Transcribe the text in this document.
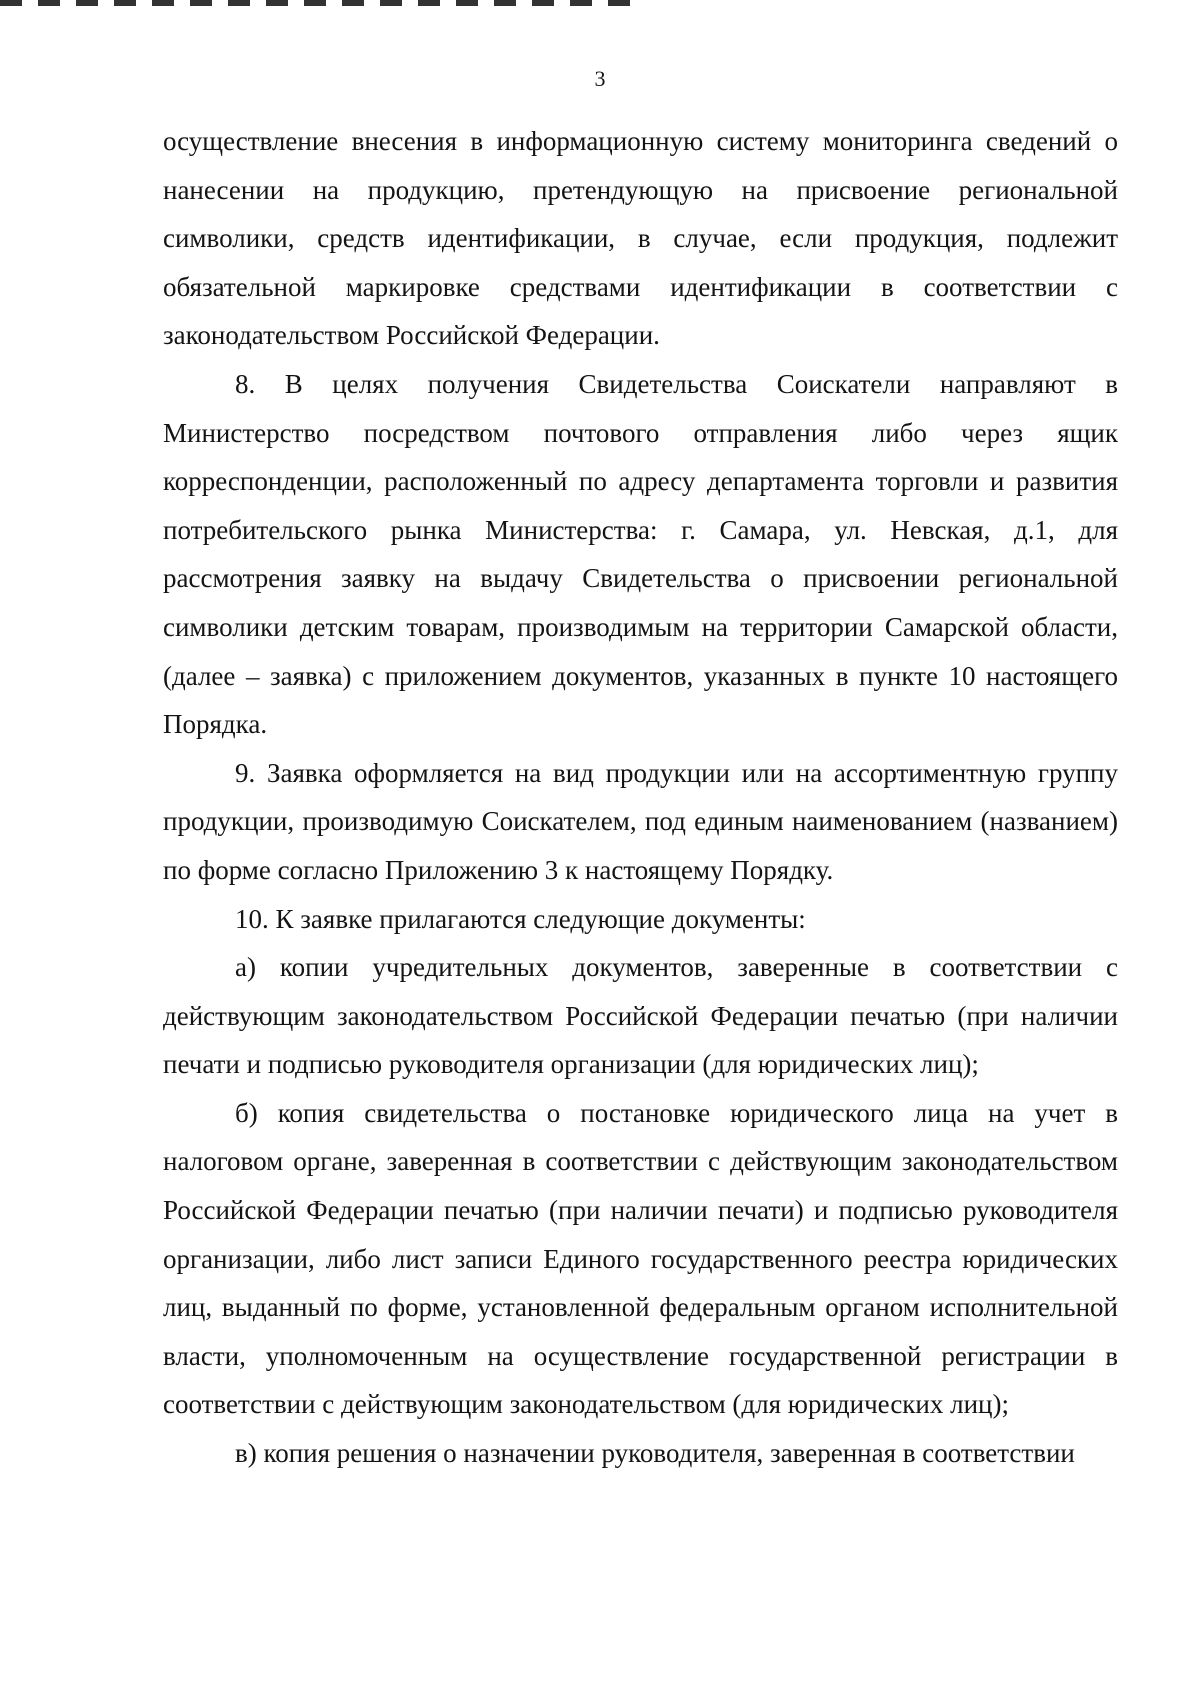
3

осуществление внесения в информационную систему мониторинга сведений о нанесении на продукцию, претендующую на присвоение региональной символики, средств идентификации, в случае, если продукция, подлежит обязательной маркировке средствами идентификации в соответствии с законодательством Российской Федерации.

8. В целях получения Свидетельства Соискатели направляют в Министерство посредством почтового отправления либо через ящик корреспонденции, расположенный по адресу департамента торговли и развития потребительского рынка Министерства: г. Самара, ул. Невская, д.1, для рассмотрения заявку на выдачу Свидетельства о присвоении региональной символики детским товарам, производимым на территории Самарской области, (далее – заявка) с приложением документов, указанных в пункте 10 настоящего Порядка.

9. Заявка оформляется на вид продукции или на ассортиментную группу продукции, производимую Соискателем, под единым наименованием (названием) по форме согласно Приложению 3 к настоящему Порядку.

10. К заявке прилагаются следующие документы:

а) копии учредительных документов, заверенные в соответствии с действующим законодательством Российской Федерации печатью (при наличии печати и подписью руководителя организации (для юридических лиц);

б) копия свидетельства о постановке юридического лица на учет в налоговом органе, заверенная в соответствии с действующим законодательством Российской Федерации печатью (при наличии печати) и подписью руководителя организации, либо лист записи Единого государственного реестра юридических лиц, выданный по форме, установленной федеральным органом исполнительной власти, уполномоченным на осуществление государственной регистрации в соответствии с действующим законодательством (для юридических лиц);

в) копия решения о назначении руководителя, заверенная в соответствии
